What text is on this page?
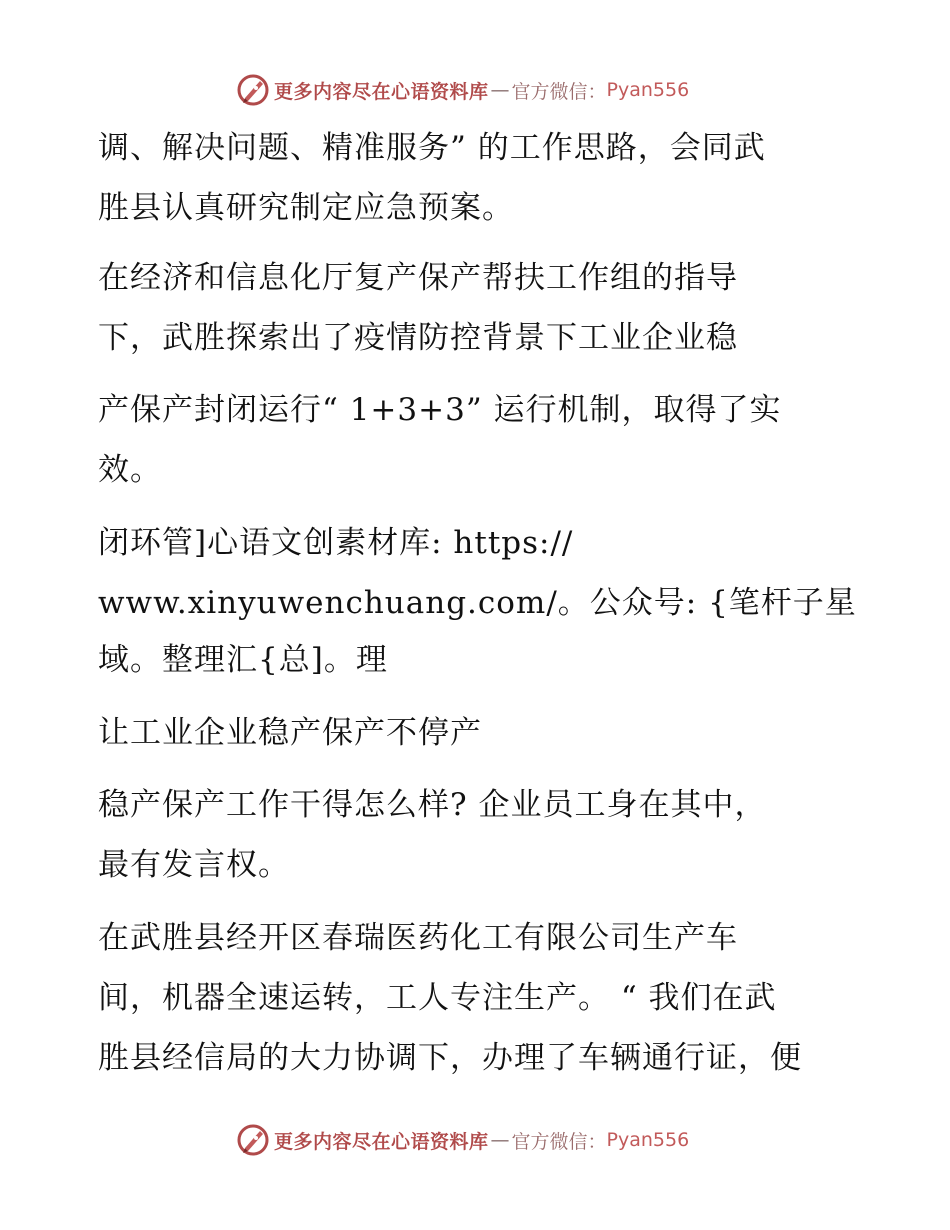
更多内容尽在心语资料库 — 官方微信： Pyan556
调、解决问题、精准服务” 的工作思路，会同武
胜县认真研究制定应急预案。
在经济和信息化厅复产保产帮扶工作组的指导
下，武胜探索出了疫情防控背景下工业企业稳
产保产封闭运行“ 1+3+3” 运行机制，取得了实
效。
闭环管]心语文创素材库: https://
www.xinyuwenchuang.com/。公众号: {笔杆子星
域。整理汇{总]。理
让工业企业稳产保产不停产
稳产保产工作干得怎么样? 企业员工身在其中，
最有发言权。
在武胜县经开区春瑞医药化工有限公司生产车
间，机器全速运转，工人专注生产。 “ 我们在武
胜县经信局的大力协调下，办理了车辆通行证，便
更多内容尽在心语资料库 — 官方微信： Pyan556
